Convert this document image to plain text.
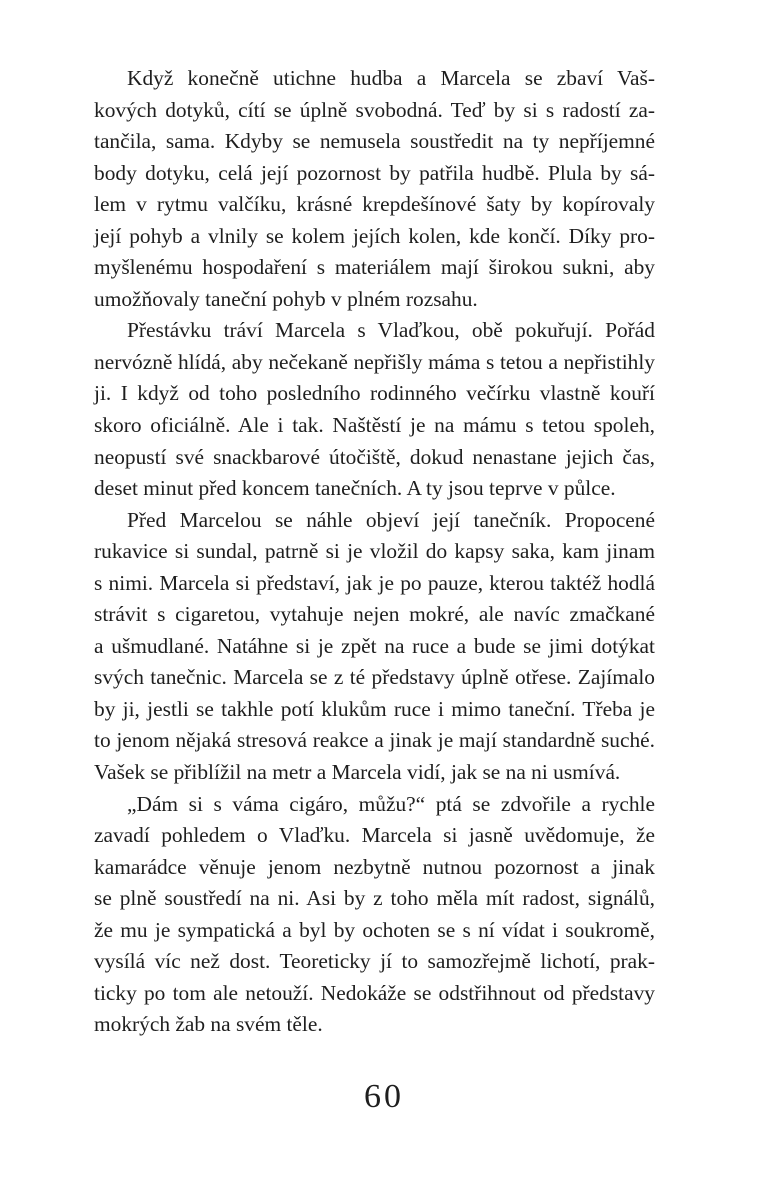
Když konečně utichne hudba a Marcela se zbaví Vaš-
kových dotyků, cítí se úplně svobodná. Teď by si s radostí za-
tančila, sama. Kdyby se nemusela soustředit na ty nepříjemné
body dotyku, celá její pozornost by patřila hudbě. Plula by sá-
lem v rytmu valčíku, krásné krepdešínové šaty by kopírovaly
její pohyb a vlnily se kolem jejích kolen, kde končí. Díky pro-
myšlenému hospodaření s materiálem mají širokou sukni, aby
umožňovaly taneční pohyb v plném rozsahu.
Přestávku tráví Marcela s Vlaďkou, obě pokuřují. Pořád
nervózně hlídá, aby nečekaně nepřišly máma s tetou a nepřistihly
ji. I když od toho posledního rodinného večírku vlastně kouří
skoro oficiálně. Ale i tak. Naštěstí je na mámu s tetou spoleh,
neopustí své snackbarové útočiště, dokud nenastane jejich čas,
deset minut před koncem tanečních. A ty jsou teprve v půlce.
Před Marcelou se náhle objeví její tanečník. Propocené
rukavice si sundal, patrně si je vložil do kapsy saka, kam jinam
s nimi. Marcela si představí, jak je po pauze, kterou taktéž hodlá
strávit s cigaretou, vytahuje nejen mokré, ale navíc zmačkané
a ušmudlané. Natáhne si je zpět na ruce a bude se jimi dotýkat
svých tanečnic. Marcela se z té představy úplně otřese. Zajímalo
by ji, jestli se takhle potí klukům ruce i mimo taneční. Třeba je
to jenom nějaká stresová reakce a jinak je mají standardně suché.
Vašek se přiblížil na metr a Marcela vidí, jak se na ni usmívá.
„Dám si s váma cigáro, můžu?“ ptá se zdvořile a rychle
zavadí pohledem o Vlaďku. Marcela si jasně uvědomuje, že
kamarádce věnuje jenom nezbytně nutnou pozornost a jinak
se plně soustředí na ni. Asi by z toho měla mít radost, signálů,
že mu je sympatická a byl by ochoten se s ní vídat i soukromě,
vysílá víc než dost. Teoreticky jí to samozřejmě lichotí, prak-
ticky po tom ale netouží. Nedokáže se odstřihnout od představy
mokrých žab na svém těle.
60
